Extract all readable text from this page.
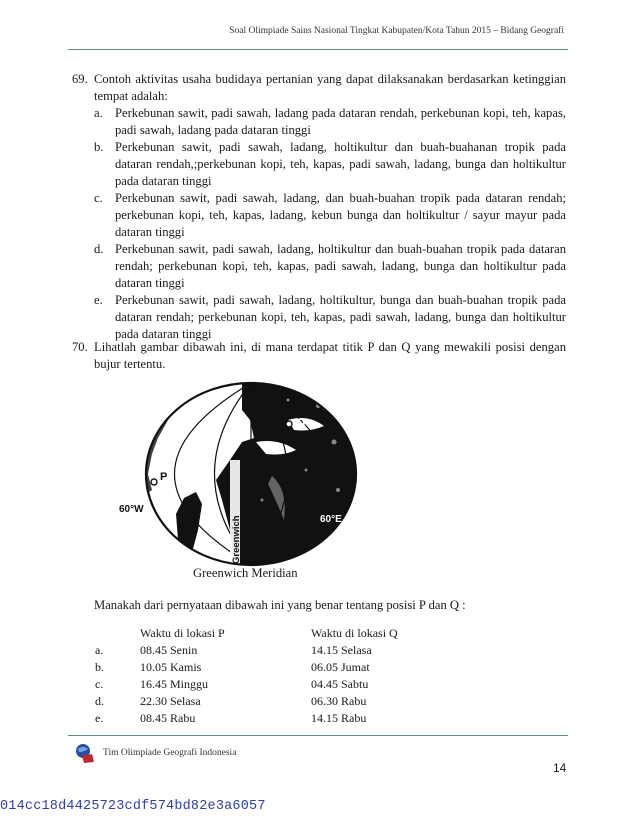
Soal Olimpiade Sains Nasional Tingkat Kabupaten/Kota Tahun 2015 – Bidang Geografi
69. Contoh aktivitas usaha budidaya pertanian yang dapat dilaksanakan berdasarkan ketinggian tempat adalah:
a. Perkebunan sawit, padi sawah, ladang pada dataran rendah, perkebunan kopi, teh, kapas, padi sawah, ladang pada dataran tinggi
b. Perkebunan sawit, padi sawah, ladang, holtikultur dan buah-buahanan tropik pada dataran rendah,;perkebunan kopi, teh, kapas, padi sawah, ladang, bunga dan holtikultur pada dataran tinggi
c. Perkebunan sawit, padi sawah, ladang, dan buah-buahan tropik pada dataran rendah; perkebunan kopi, teh, kapas, ladang, kebun bunga dan holtikultur / sayur mayur pada dataran tinggi
d. Perkebunan sawit, padi sawah, ladang, holtikultur dan buah-buahan tropik pada dataran rendah; perkebunan kopi, teh, kapas, padi sawah, ladang, bunga dan holtikultur pada dataran tinggi
e. Perkebunan sawit, padi sawah, ladang, holtikultur, bunga dan buah-buahan tropik pada dataran rendah; perkebunan kopi, teh, kapas, padi sawah, ladang, bunga dan holtikultur pada dataran tinggi
70. Lihatlah gambar dibawah ini, di mana terdapat titik P dan Q yang mewakili posisi dengan bujur tertentu.
Q
P
60°W
60°E
Greenwich
Greenwich Meridian
Manakah dari pernyataan dibawah ini yang benar tentang posisi P dan Q :
	Waktu di lokasi P	Waktu di lokasi Q
a.	08.45 Senin	14.15 Selasa
b.	10.05 Kamis	06.05 Jumat
c.	16.45 Minggu	04.45 Sabtu
d.	22.30 Selasa	06.30 Rabu
e.	08.45 Rabu	14.15 Rabu
Tim Olimpiade Geografi Indonesia
14
014cc18d4425723cdf574bd82e3a6057
